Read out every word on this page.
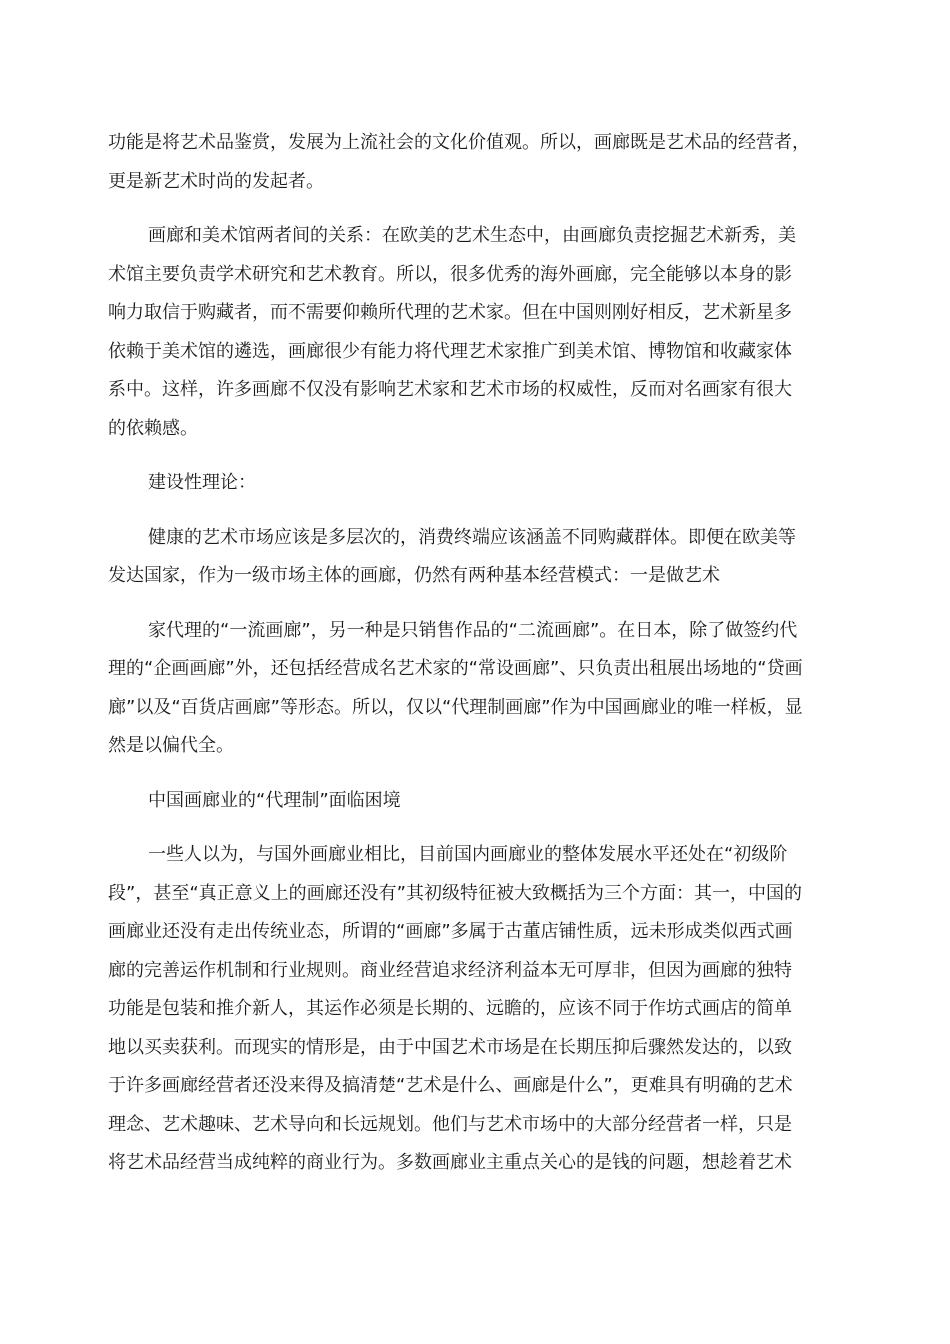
功能是将艺术品鉴赏，发展为上流社会的文化价值观。所以，画廊既是艺术品的经营者，
更是新艺术时尚的发起者。
画廊和美术馆两者间的关系：在欧美的艺术生态中，由画廊负责挖掘艺术新秀，美
术馆主要负责学术研究和艺术教育。所以，很多优秀的海外画廊，完全能够以本身的影
响力取信于购藏者，而不需要仰赖所代理的艺术家。但在中国则刚好相反，艺术新星多
依赖于美术馆的遴选，画廊很少有能力将代理艺术家推广到美术馆、博物馆和收藏家体
系中。这样，许多画廊不仅没有影响艺术家和艺术市场的权威性，反而对名画家有很大
的依赖感。
建设性理论：
健康的艺术市场应该是多层次的，消费终端应该涵盖不同购藏群体。即便在欧美等
发达国家，作为一级市场主体的画廊，仍然有两种基本经营模式：一是做艺术
家代理的“一流画廊”，另一种是只销售作品的“二流画廊”。在日本，除了做签约代
理的“企画画廊”外，还包括经营成名艺术家的“常设画廊”、只负责出租展出场地的“贷画
廊”以及“百货店画廊”等形态。所以，仅以“代理制画廊”作为中国画廊业的唯一样板，显
然是以偏代全。
中国画廊业的“代理制”面临困境
一些人以为，与国外画廊业相比，目前国内画廊业的整体发展水平还处在“初级阶
段”，甚至“真正意义上的画廊还没有”其初级特征被大致概括为三个方面：其一，中国的
画廊业还没有走出传统业态，所谓的“画廊”多属于古董店铺性质，远未形成类似西式画
廊的完善运作机制和行业规则。商业经营追求经济利益本无可厚非，但因为画廊的独特
功能是包装和推介新人，其运作必须是长期的、远瞻的，应该不同于作坊式画店的简单
地以买卖获利。而现实的情形是，由于中国艺术市场是在长期压抑后骤然发达的，以致
于许多画廊经营者还没来得及搞清楚“艺术是什么、画廊是什么”，更难具有明确的艺术
理念、艺术趣味、艺术导向和长远规划。他们与艺术市场中的大部分经营者一样，只是
将艺术品经营当成纯粹的商业行为。多数画廊业主重点关心的是钱的问题，想趁着艺术
